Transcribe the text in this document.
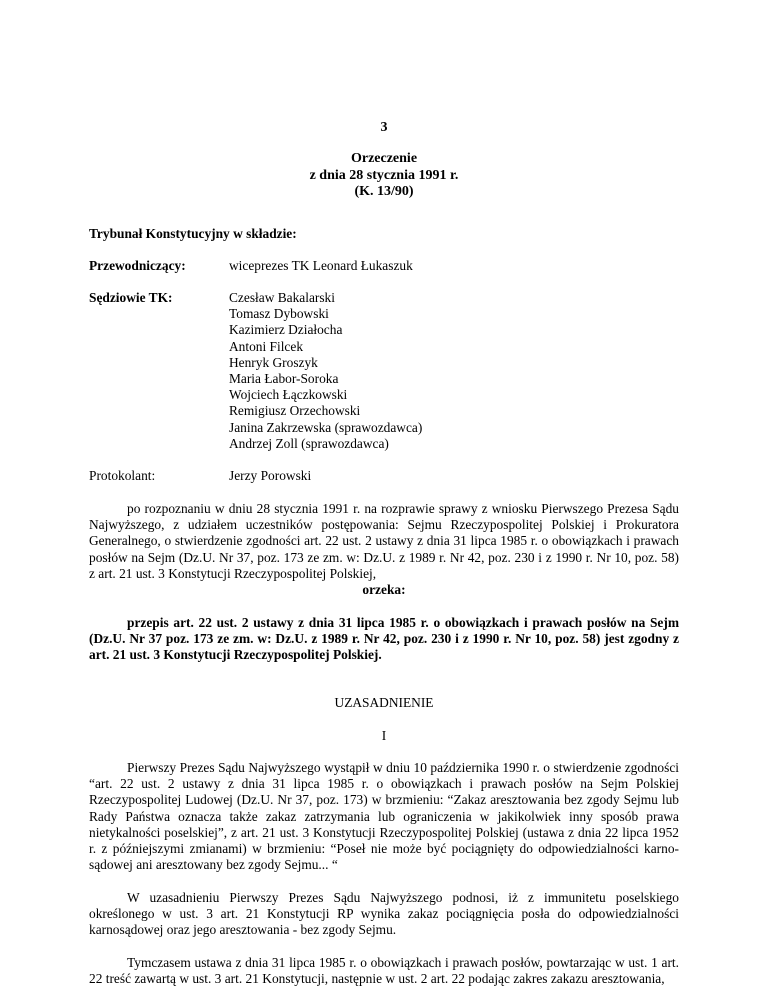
3
Orzeczenie
z dnia 28 stycznia 1991 r.
(K. 13/90)
Trybunał Konstytucyjny w składzie:
Przewodniczący:	wiceprezes TK Leonard Łukaszuk
Sędziowie TK:	Czesław Bakalarski
Tomasz Dybowski
Kazimierz Działocha
Antoni Filcek
Henryk Groszyk
Maria Łabor-Soroka
Wojciech Łączkowski
Remigiusz Orzechowski
Janina Zakrzewska (sprawozdawca)
Andrzej Zoll (sprawozdawca)
Protokolant:	Jerzy Porowski

po rozpoznaniu w dniu 28 stycznia 1991 r. na rozprawie sprawy z wniosku Pierwszego Prezesa Sądu Najwyższego, z udziałem uczestników postępowania: Sejmu Rzeczypospolitej Polskiej i Prokuratora Generalnego, o stwierdzenie zgodności art. 22 ust. 2 ustawy z dnia 31 lipca 1985 r. o obowiązkach i prawach posłów na Sejm (Dz.U. Nr 37, poz. 173 ze zm. w: Dz.U. z 1989 r. Nr 42, poz. 230 i z 1990 r. Nr 10, poz. 58) z art. 21 ust. 3 Konstytucji Rzeczypospolitej Polskiej,

orzeka:

przepis art. 22 ust. 2 ustawy z dnia 31 lipca 1985 r. o obowiązkach i prawach posłów na Sejm (Dz.U. Nr 37 poz. 173 ze zm. w: Dz.U. z 1989 r. Nr 42, poz. 230 i z 1990 r. Nr 10, poz. 58) jest zgodny z art. 21 ust. 3 Konstytucji Rzeczypospolitej Polskiej.

UZASADNIENIE
I

Pierwszy Prezes Sądu Najwyższego wystąpił w dniu 10 października 1990 r. o stwierdzenie zgodności “art. 22 ust. 2 ustawy z dnia 31 lipca 1985 r. o obowiązkach i prawach posłów na Sejm Polskiej Rzeczypospolitej Ludowej (Dz.U. Nr 37, poz. 173) w brzmieniu: “Zakaz aresztowania bez zgody Sejmu lub Rady Państwa oznacza także zakaz zatrzymania lub ograniczenia w jakikolwiek inny sposób prawa nietykalności poselskiej”, z art. 21 ust. 3 Konstytucji Rzeczypospolitej Polskiej (ustawa z dnia 22 lipca 1952 r. z późniejszymi zmianami) w brzmieniu: “Poseł nie może być pociągnięty do odpowiedzialności karno-sądowej ani aresztowany bez zgody Sejmu... “

W uzasadnieniu Pierwszy Prezes Sądu Najwyższego podnosi, iż z immunitetu poselskiego określonego w ust. 3 art. 21 Konstytucji RP wynika zakaz pociągnięcia posła do odpowiedzialności karnosądowej oraz jego aresztowania - bez zgody Sejmu.

Tymczasem ustawa z dnia 31 lipca 1985 r. o obowiązkach i prawach posłów, powtarzając w ust. 1 art. 22 treść zawartą w ust. 3 art. 21 Konstytucji, następnie w ust. 2 art. 22 podając zakres zakazu aresztowania,
